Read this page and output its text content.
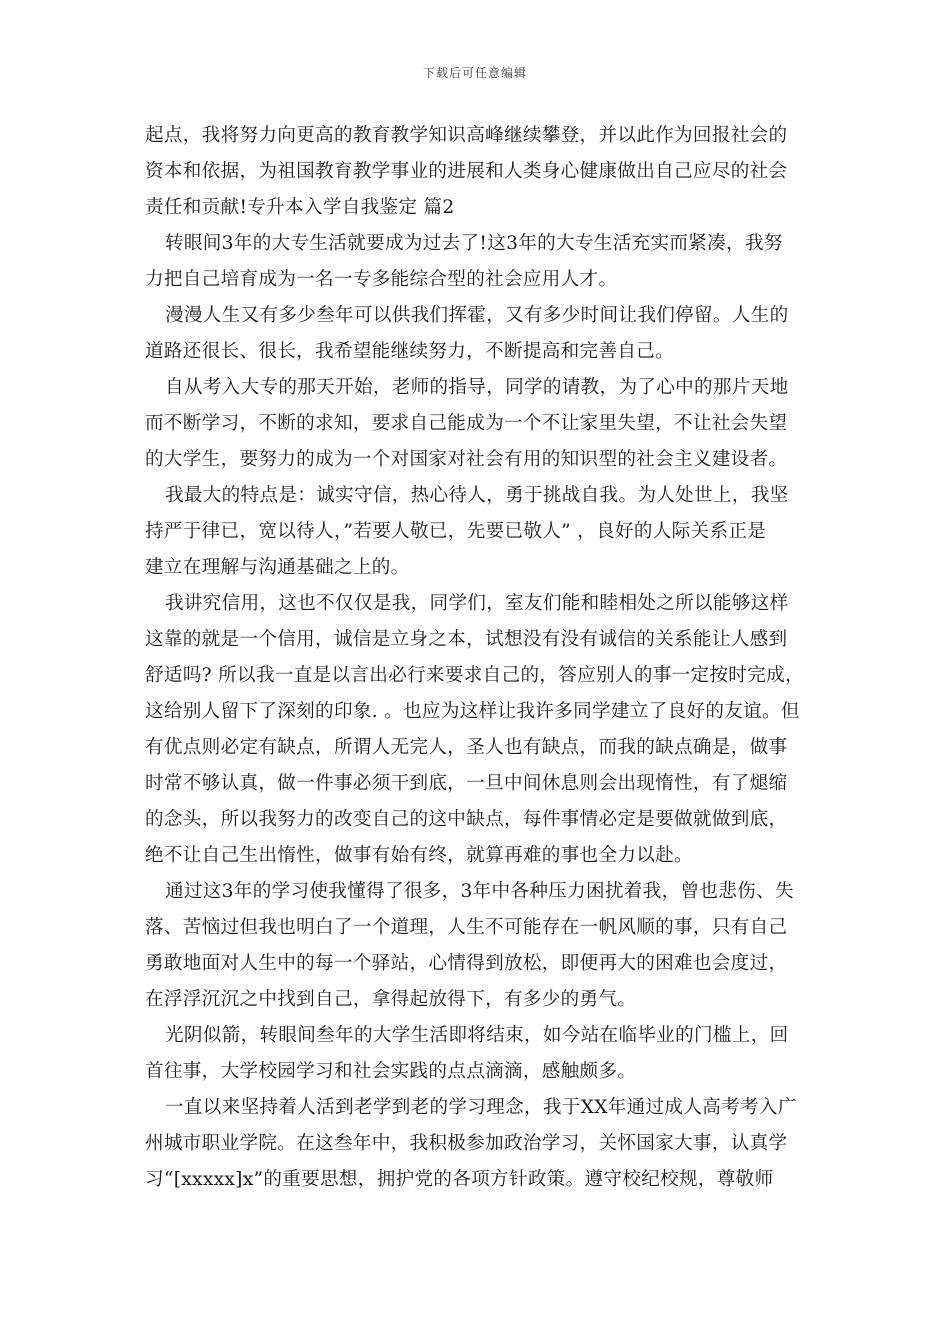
下载后可任意编辑
起点，我将努力向更高的教育教学知识高峰继续攀登，并以此作为回报社会的
资本和依据，为祖国教育教学事业的进展和人类身心健康做出自己应尽的社会
责任和贡献!专升本入学自我鉴定 篇2
转眼间3年的大专生活就要成为过去了!这3年的大专生活充实而紧凑，我努
力把自己培育成为一名一专多能综合型的社会应用人才。
漫漫人生又有多少叁年可以供我们挥霍，又有多少时间让我们停留。人生的
道路还很长、很长，我希望能继续努力，不断提高和完善自己。
自从考入大专的那天开始，老师的指导，同学的请教，为了心中的那片天地
而不断学习，不断的求知，要求自己能成为一个不让家里失望，不让社会失望
的大学生，要努力的成为一个对国家对社会有用的知识型的社会主义建设者。
我最大的特点是：诚实守信，热心待人，勇于挑战自我。为人处世上，我坚
持严于律已，宽以待人，”若要人敬已，先要已敬人” ，良好的人际关系正是
建立在理解与沟通基础之上的。
我讲究信用，这也不仅仅是我，同学们，室友们能和睦相处之所以能够这样
这靠的就是一个信用，诚信是立身之本，试想没有没有诚信的关系能让人感到
舒适吗? 所以我一直是以言出必行来要求自己的，答应别人的事一定按时完成，
这给别人留下了深刻的印象. 。也应为这样让我许多同学建立了良好的友谊。但
有优点则必定有缺点，所谓人无完人，圣人也有缺点，而我的缺点确是，做事
时常不够认真，做一件事必须干到底，一旦中间休息则会出现惰性，有了煺缩
的念头，所以我努力的改变自己的这中缺点，每件事情必定是要做就做到底，
绝不让自己生出惰性，做事有始有终，就算再难的事也全力以赴。
通过这3年的学习使我懂得了很多，3年中各种压力困扰着我，曾也悲伤、失
落、苦恼过但我也明白了一个道理，人生不可能存在一帆风顺的事，只有自己
勇敢地面对人生中的每一个驿站，心情得到放松，即便再大的困难也会度过，
在浮浮沉沉之中找到自己，拿得起放得下，有多少的勇气。
光阴似箭，转眼间叁年的大学生活即将结束，如今站在临毕业的门槛上，回
首往事，大学校园学习和社会实践的点点滴滴，感触颇多。
一直以来坚持着人活到老学到老的学习理念，我于XX年通过成人高考考入广
州城市职业学院。在这叁年中，我积极参加政治学习，关怀国家大事，认真学
习“[xxxxx]x”的重要思想，拥护党的各项方针政策。遵守校纪校规，尊敬师
